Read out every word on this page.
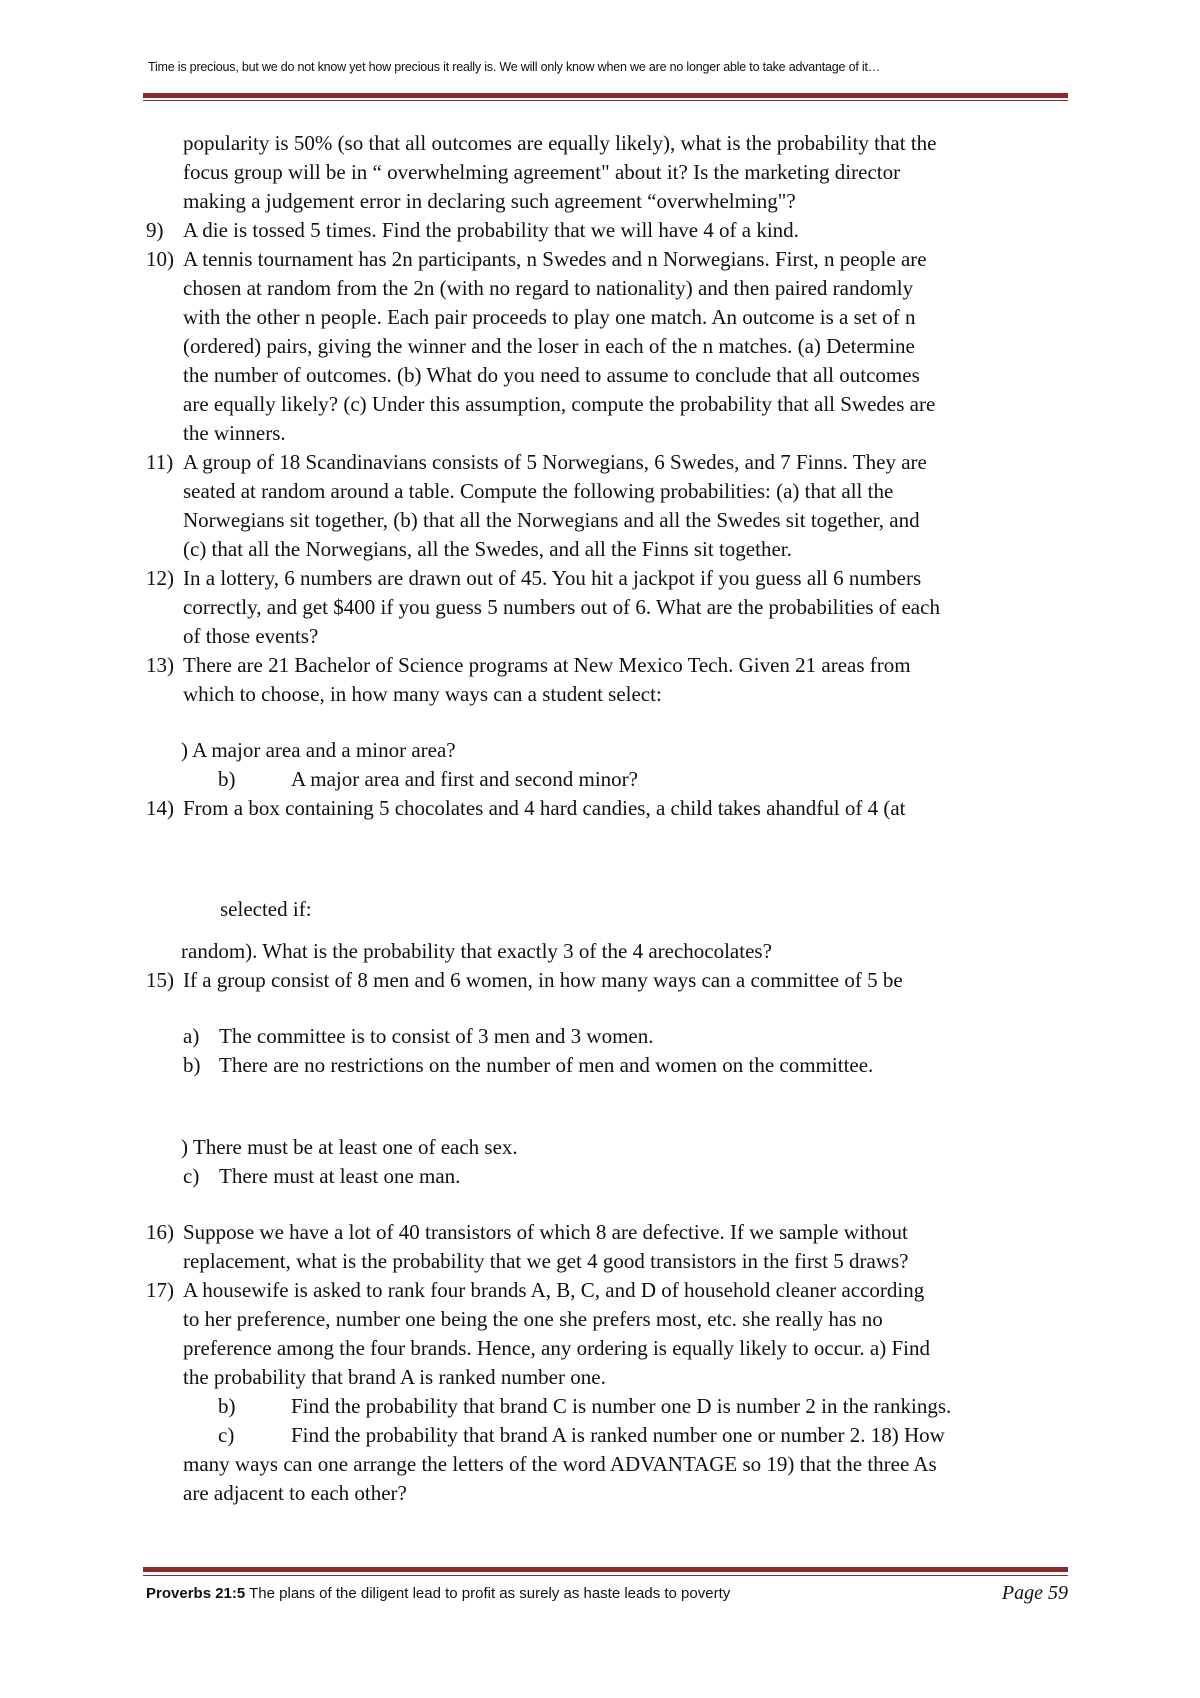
Time is precious, but we do not know yet how precious it really is. We will only know when we are no longer able to take advantage of it…
popularity is 50% (so that all outcomes are equally likely), what is the probability that the
focus group will be in “ overwhelming agreement" about it? Is the marketing director
making a judgement error in declaring such agreement “overwhelming"?
9) A die is tossed 5 times. Find the probability that we will have 4 of a kind.
10) A tennis tournament has 2n participants, n Swedes and n Norwegians. First, n people are
chosen at random from the 2n (with no regard to nationality) and then paired randomly
with the other n people. Each pair proceeds to play one match. An outcome is a set of n
(ordered) pairs, giving the winner and the loser in each of the n matches. (a) Determine
the number of outcomes. (b) What do you need to assume to conclude that all outcomes
are equally likely? (c) Under this assumption, compute the probability that all Swedes are
the winners.
11) A group of 18 Scandinavians consists of 5 Norwegians, 6 Swedes, and 7 Finns. They are
seated at random around a table. Compute the following probabilities: (a) that all the
Norwegians sit together, (b) that all the Norwegians and all the Swedes sit together, and
(c) that all the Norwegians, all the Swedes, and all the Finns sit together.
12) In a lottery, 6 numbers are drawn out of 45. You hit a jackpot if you guess all 6 numbers
correctly, and get $400 if you guess 5 numbers out of 6. What are the probabilities of each
of those events?
13) There are 21 Bachelor of Science programs at New Mexico Tech. Given 21 areas from
which to choose, in how many ways can a student select:
) A major area and a minor area?
b)	A major area and first and second minor?
14) From a box containing 5 chocolates and 4 hard candies, a child takes ahandful of 4 (at
selected if:
random). What is the probability that exactly 3 of the 4 arechocolates?
15) If a group consist of 8 men and 6 women, in how many ways can a committee of 5 be
a) The committee is to consist of 3 men and 3 women.
b) There are no restrictions on the number of men and women on the committee.
) There must be at least one of each sex.
c) There must at least one man.
16) Suppose we have a lot of 40 transistors of which 8 are defective. If we sample without
replacement, what is the probability that we get 4 good transistors in the first 5 draws?
17) A housewife is asked to rank four brands A, B, C, and D of household cleaner according
to her preference, number one being the one she prefers most, etc. she really has no
preference among the four brands. Hence, any ordering is equally likely to occur. a) Find
the probability that brand A is ranked number one.
b)	Find the probability that brand C is number one D is number 2 in the rankings.
c)	Find the probability that brand A is ranked number one or number 2. 18) How
many ways can one arrange the letters of the word ADVANTAGE so 19) that the three As
are adjacent to each other?
Proverbs 21:5 The plans of the diligent lead to profit as surely as haste leads to poverty	Page 59
